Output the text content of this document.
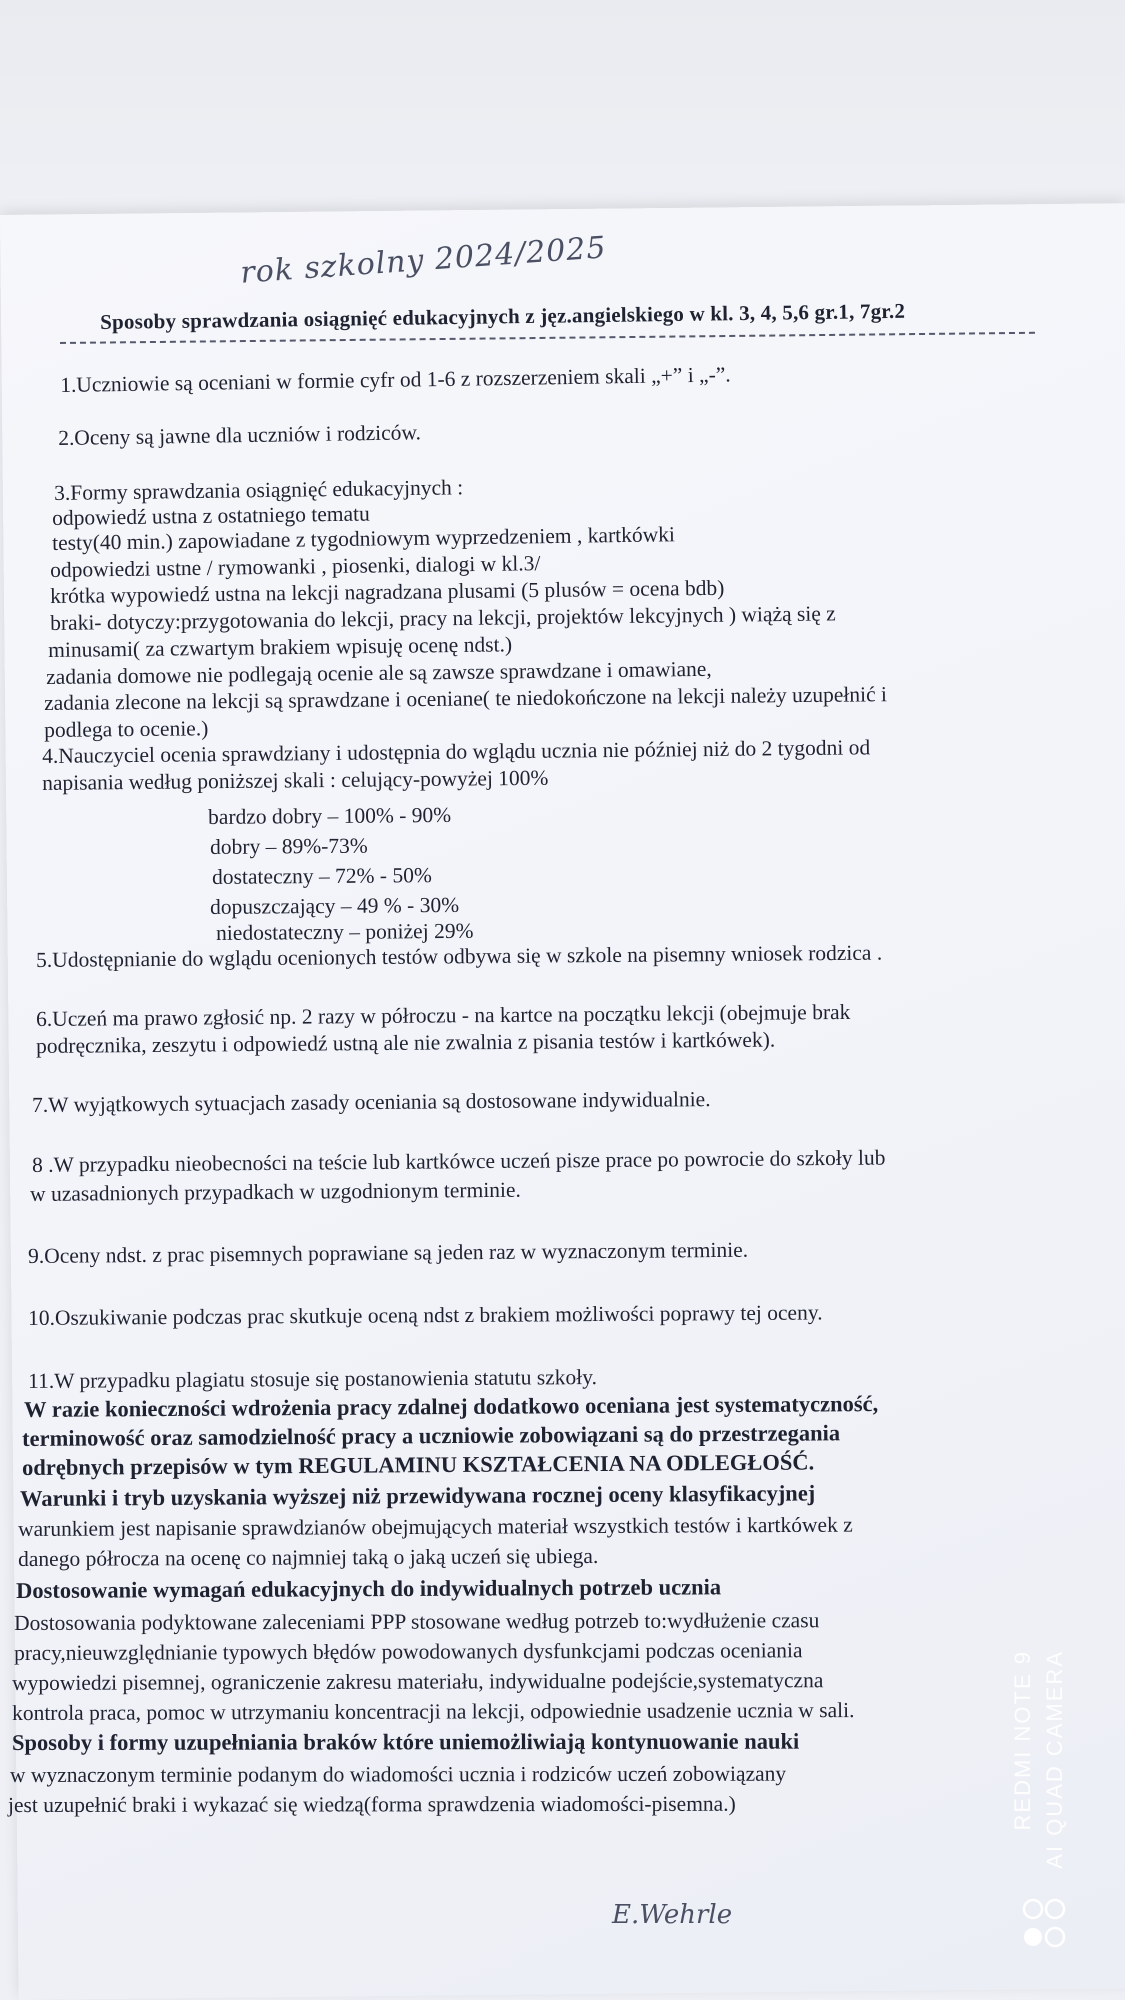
rok szkolny 2024/2025
Sposoby sprawdzania osiągnięć edukacyjnych z jęz.angielskiego w kl. 3, 4, 5,6 gr.1, 7gr.2
1.Uczniowie są oceniani w formie cyfr od 1-6 z rozszerzeniem skali „+” i „-”.
2.Oceny są jawne dla uczniów i rodziców.
3.Formy sprawdzania osiągnięć edukacyjnych :
odpowiedź ustna z ostatniego tematu
testy(40 min.) zapowiadane z tygodniowym wyprzedzeniem , kartkówki
odpowiedzi ustne / rymowanki , piosenki, dialogi w kl.3/
krótka wypowiedź ustna na lekcji nagradzana plusami (5 plusów = ocena bdb)
braki- dotyczy:przygotowania do lekcji, pracy na lekcji, projektów lekcyjnych ) wiążą się z
minusami( za czwartym brakiem wpisuję ocenę ndst.)
zadania domowe nie podlegają ocenie ale są zawsze sprawdzane i omawiane,
zadania zlecone na lekcji są sprawdzane i oceniane( te niedokończone na lekcji należy uzupełnić i
podlega to ocenie.)
4.Nauczyciel ocenia sprawdziany i udostępnia do wglądu ucznia nie później niż do 2 tygodni od
napisania według poniższej skali : celujący-powyżej 100%
bardzo dobry – 100% - 90%
dobry – 89%-73%
dostateczny – 72% - 50%
dopuszczający – 49 % - 30%
niedostateczny – poniżej 29%
5.Udostępnianie do wglądu ocenionych testów odbywa się w szkole na pisemny wniosek rodzica .
6.Uczeń ma prawo zgłosić np. 2 razy w półroczu - na kartce na początku lekcji (obejmuje brak
podręcznika, zeszytu i odpowiedź ustną ale nie zwalnia z pisania testów i kartkówek).
7.W wyjątkowych sytuacjach zasady oceniania są dostosowane indywidualnie.
8 .W przypadku nieobecności na teście lub kartkówce uczeń pisze prace po powrocie do szkoły lub
w uzasadnionych przypadkach w uzgodnionym terminie.
9.Oceny ndst. z prac pisemnych poprawiane są jeden raz w wyznaczonym terminie.
10.Oszukiwanie podczas prac skutkuje oceną ndst z brakiem możliwości poprawy tej oceny.
11.W przypadku plagiatu stosuje się postanowienia statutu szkoły.
W razie konieczności wdrożenia pracy zdalnej dodatkowo oceniana jest systematyczność,
terminowość oraz samodzielność pracy a uczniowie zobowiązani są do przestrzegania
odrębnych przepisów w tym REGULAMINU KSZTAŁCENIA NA ODLEGŁOŚĆ.
Warunki i tryb uzyskania wyższej niż przewidywana rocznej oceny klasyfikacyjnej
warunkiem jest napisanie sprawdzianów obejmujących materiał wszystkich testów i kartkówek z
danego półrocza na ocenę co najmniej taką o jaką uczeń się ubiega.
Dostosowanie wymagań edukacyjnych do indywidualnych potrzeb ucznia
Dostosowania podyktowane zaleceniami PPP stosowane według potrzeb to:wydłużenie czasu
pracy,nieuwzględnianie typowych błędów powodowanych dysfunkcjami podczas oceniania
wypowiedzi pisemnej, ograniczenie zakresu materiału, indywidualne podejście,systematyczna
kontrola praca, pomoc w utrzymaniu koncentracji na lekcji, odpowiednie usadzenie ucznia w sali.
Sposoby i formy uzupełniania braków które uniemożliwiają kontynuowanie nauki
w wyznaczonym terminie podanym do wiadomości ucznia i rodziców uczeń zobowiązany
jest uzupełnić braki i wykazać się wiedzą(forma sprawdzenia wiadomości-pisemna.)
E.Wehrle
REDMI NOTE 9 AI QUAD CAMERA
